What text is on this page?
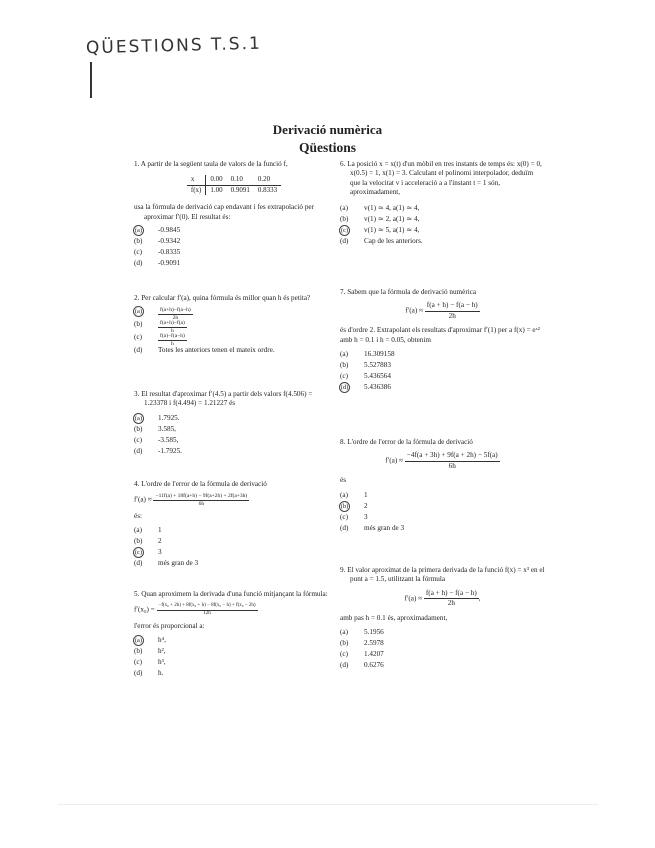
QÜESTIONS T.S.1
Derivació numèrica
Qüestions
1. A partir de la següent taula de valors de la funció f,
x	0.00	0.10	0.20
f(x)	1.00	0.9091	0.8333
usa la fórmula de derivació cap endavant i fes extrapolació per aproximar f′(0). El resultat és:
(a) -0.9845
(b)	-0.9342
(c)	-0.8335
(d)	-0.9091
2. Per calcular f′(a), quina fórmula és millor quan h és petita?
(a)	$\frac{f(a+h)-f(a-h)}{2h}$
(b)	$\frac{f(a+h)-f(a)}{h}$
(c)	$\frac{f(a)-f(a-h)}{h}$
(d)	Totes les anteriors tenen el mateix ordre.
3. El resultat d'aproximar f′(4.5) a partir dels valors f(4.506) = 1.23378 i f(4.494) = 1.21227 és
(a) 1.7925.
(b)	3.585,
(c)	-3.585,
(d)	-1.7925.
4. L'ordre de l'error de la fórmula de derivació
$f'(a) \approx \frac{-11f(a) + 18f(a+h) - 9f(a+2h) + 2f(a+3h)}{6h}$
és:
(a)	1
(b)	2
(c) 3
(d)	més gran de 3
5. Quan aproximem la derivada d'una funció mitjançant la fórmula:
$f'(x_0) = \frac{\text{−f(x₀ + 2h) + 8f(x₀ + h) − 8f(x₀ − h) + f(x₀ − 2h)}}{12h}$
l'error és proporcional a:
(a) h⁴,
(b)	h²,
(c)	h³,
(d)	h.
6. La posició x = x(t) d'un mòbil en tres instants de temps és: x(0) = 0, x(0.5) = 1, x(1) = 3. Calculant el polinomi interpolador, deduïm que la velocitat v i acceleració a a l'instant t = 1 són, aproximadament,
(a)	v(1) ≃ 4, a(1) ≃ 4,
(b)	v(1) ≃ 2, a(1) ≃ 4,
(c) v(1) ≃ 5, a(1) ≃ 4,
(d)	Cap de les anteriors.
7. Sabem que la fórmula de derivació numèrica
$f'(a) \approx \frac{f(a + h) - f(a - h)}{2h}$
és d'ordre 2. Extrapolant els resultats d'aproximar f′(1) per a f(x) = eˣ² amb h = 0.1 i h = 0.05, obtenim
(a)	16.309158
(b)	5.527883
(c)	5.436564
(d) 5.436386
8. L'ordre de l'error de la fórmula de derivació
$f'(a) \approx \frac{-4f(a + 3h) + 9f(a + 2h) - 5f(a)}{6h}$
és
(a)	1
(b) 2
(c)	3
(d)	més gran de 3
9. El valor aproximat de la primera derivada de la funció f(x) = x³ en el punt a = 1.5, utilitzant la fórmula
$f'(a) \approx \frac{f(a + h) - f(a - h)}{2h}$ ,
amb pas h = 0.1 és, aproximadament,
(a)	5.1956
(b)	2.5978
(c)	1.4207
(d)	0.6276
